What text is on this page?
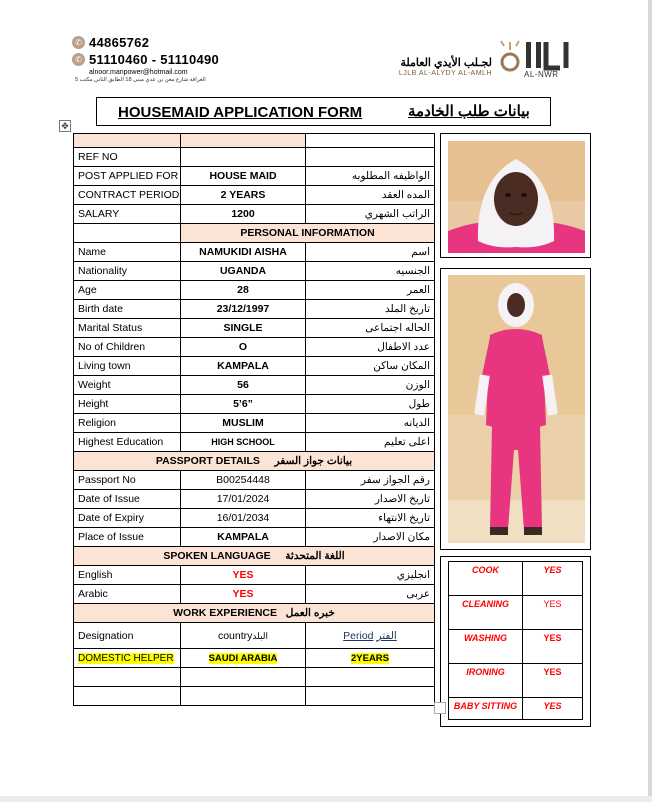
✆ 44865762
✆ 51110460 - 51110490
alnoor.manpower@hotmail.com
الغرافة شارع معن بن عدي مبنى 18 الطابق الثاني مكتب 5
لجـلب الأيدي العاملة
LJLB AL-ALYDY AL-AMLH	AL-NWR
HOUSEMAID APPLICATION FORM	بيانات طلب الخادمة
✥

REF NO		
POST APPLIED FOR	HOUSE MAID	الواظيفه المطلوبه
CONTRACT PERIOD	2 YEARS	المده العقد
SALARY	1200	الراتب الشهري
	PERSONAL INFORMATION	
Name	NAMUKIDI AISHA	اسم
Nationality	UGANDA	الجنسيه
Age	28	العمر
Birth date	23/12/1997	تاريخ الملد
Marital Status	SINGLE	الحاله اجتماعى
No of Children	O	عدد الاطفال
Living town	KAMPALA	المكان ساكن
Weight	56	الوزن
Height	5’6”	طول
Religion	MUSLIM	الديانه
Highest Education	HIGH SCHOOL	اعلى تعليم
PASSPORT DETAILS بيانات جواز السفر		
Passport No	B00254448	رقم الجواز سفر
Date of Issue	17/01/2024	تاريخ الاصدار
Date of Expiry	16/01/2034	تاريخ الانتهاء
Place of Issue	KAMPALA	مكان الاصدار
SPOKEN LANGUAGE اللغة المتحدثة		
English	YES	انجليزي
Arabic	YES	عربى
WORK EXPERIENCE خبره العمل		
Designation	countryالبلد	Period الفتر
DOMESTIC HELPER	SAUDI ARABIA	2YEARS

COOK	YES
CLEANING	YES
WASHING	YES
IRONING	YES
BABY SITTING	YES
